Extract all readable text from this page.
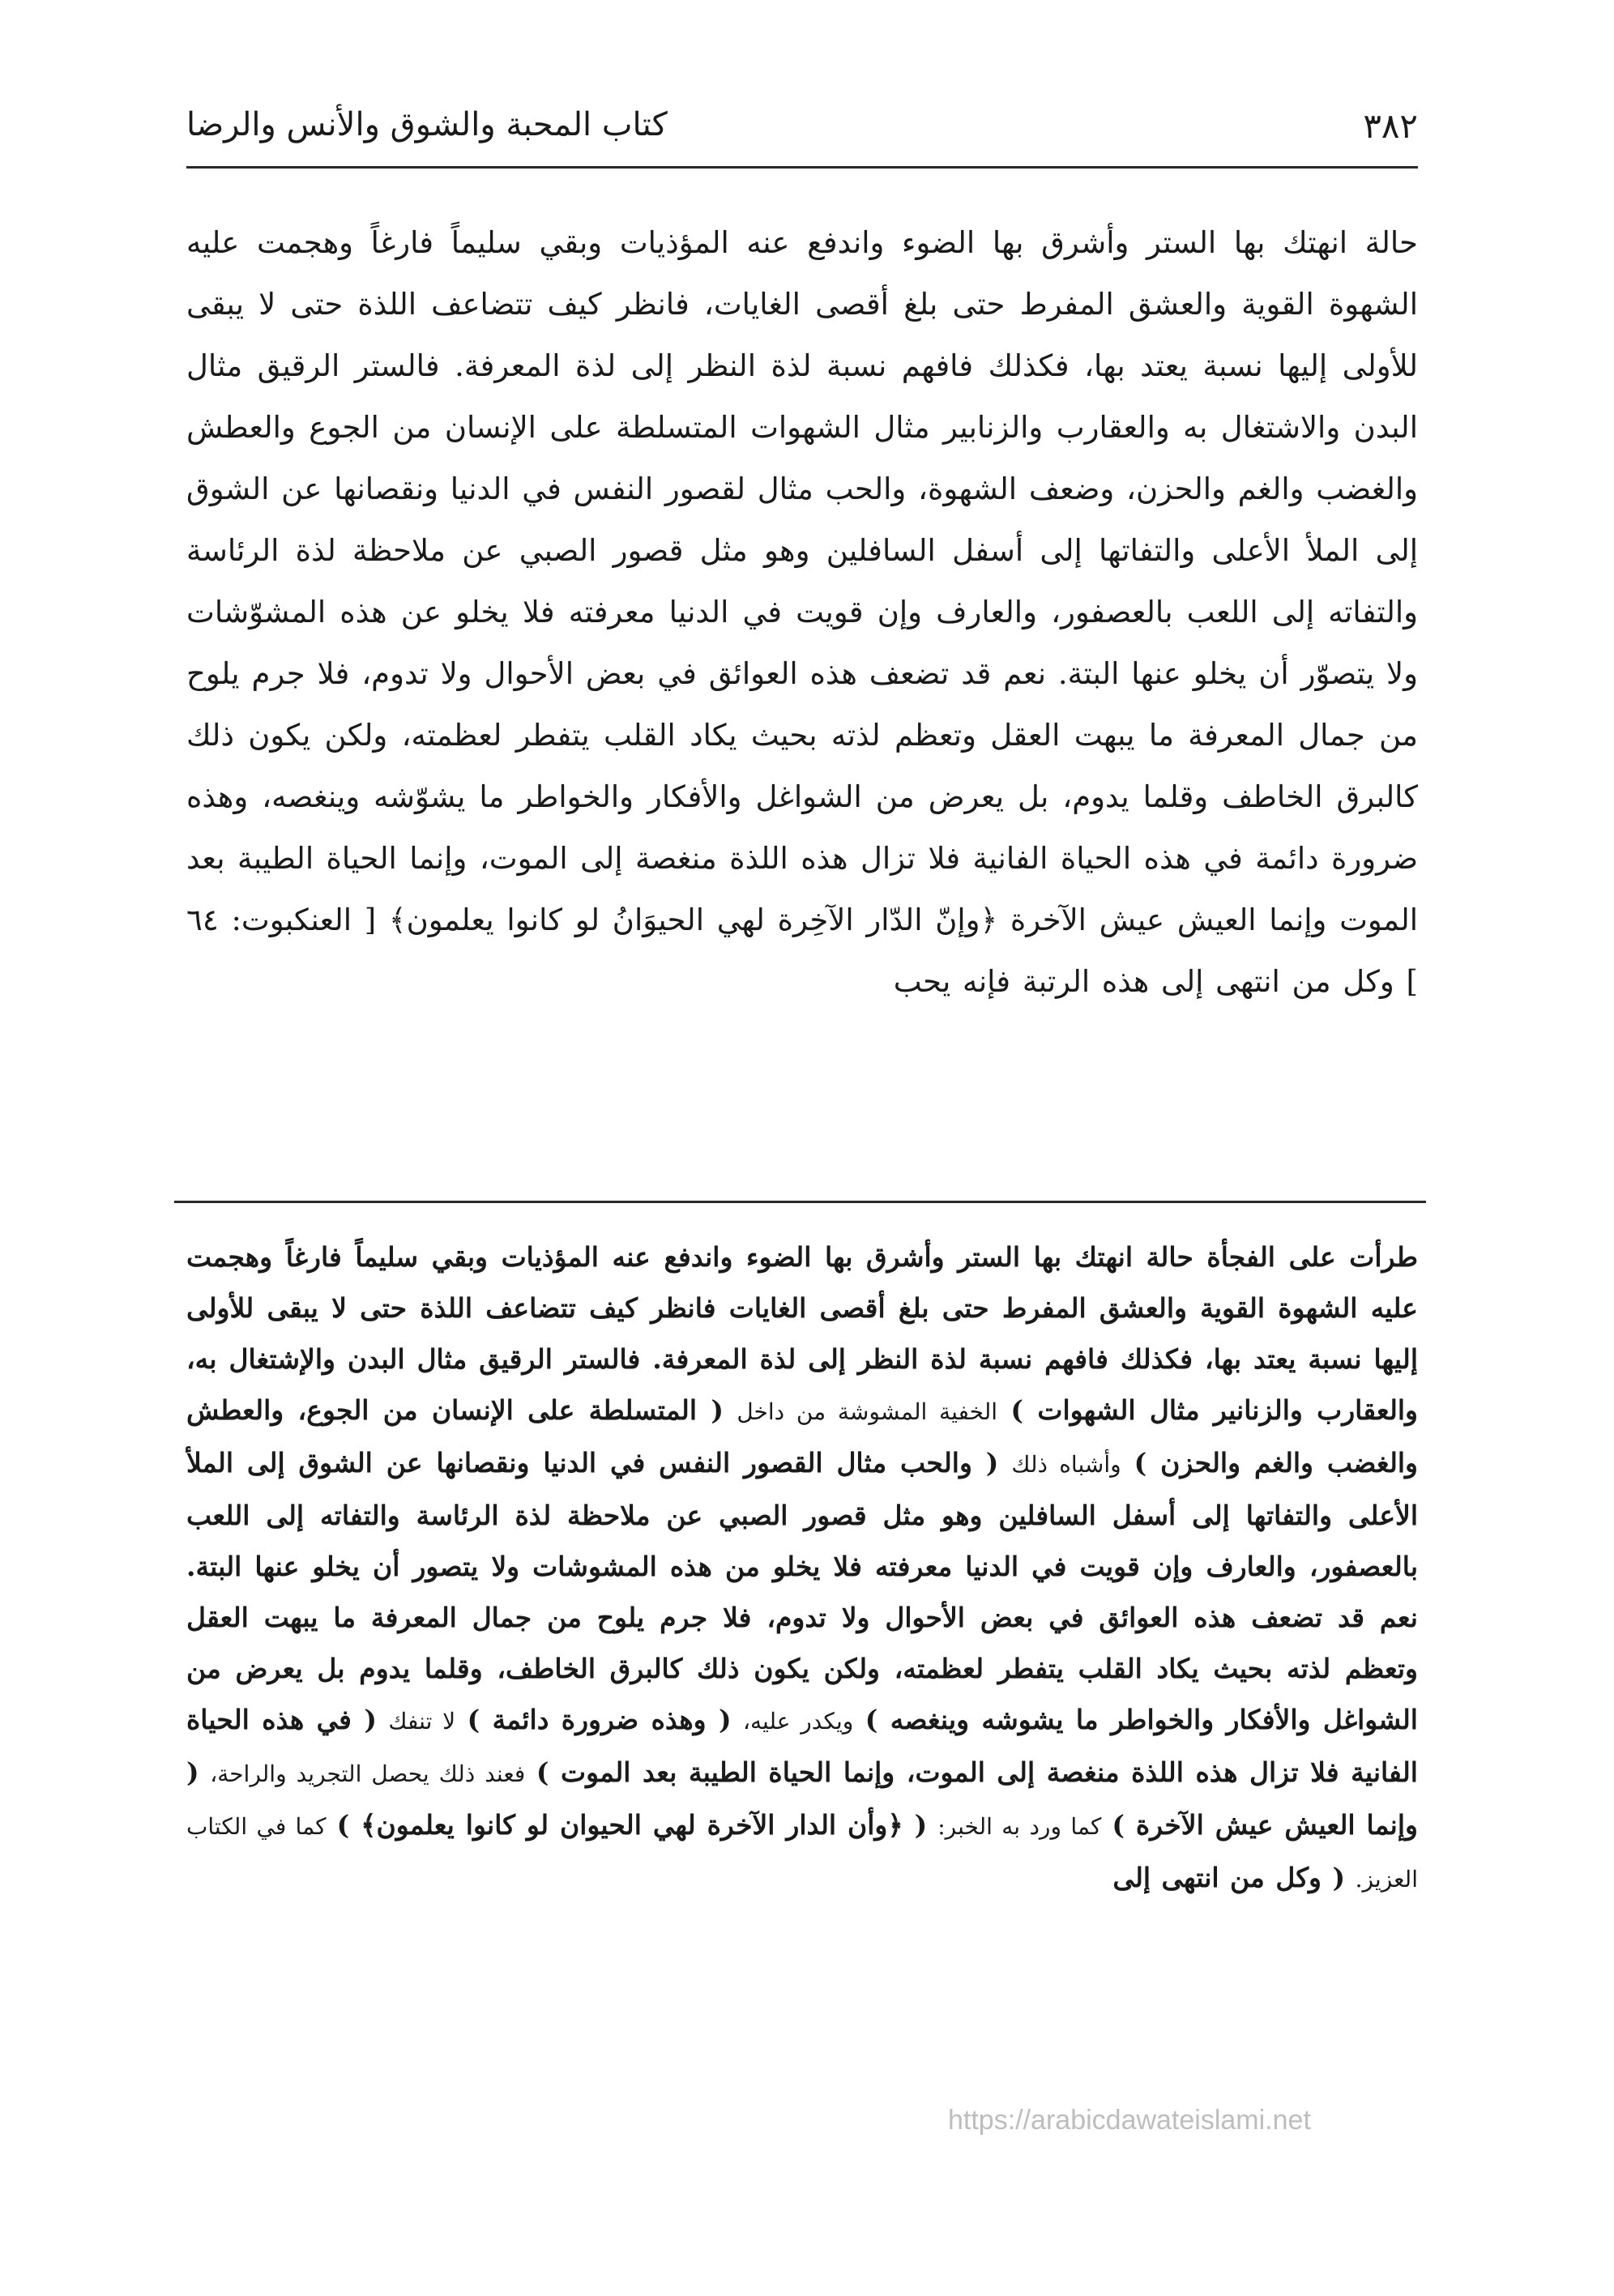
٣٨٢
كتاب المحبة والشوق والأنس والرضا

حالة انهتك بها الستر وأشرق بها الضوء واندفع عنه المؤذيات وبقي سليماً فارغاً وهجمت عليه الشهوة القوية والعشق المفرط حتى بلغ أقصى الغايات، فانظر كيف تتضاعف اللذة حتى لا يبقى للأولى إليها نسبة يعتد بها، فكذلك فافهم نسبة لذة النظر إلى لذة المعرفة. فالستر الرقيق مثال البدن والاشتغال به والعقارب والزنابير مثال الشهوات المتسلطة على الإنسان من الجوع والعطش والغضب والغم والحزن، وضعف الشهوة، والحب مثال لقصور النفس في الدنيا ونقصانها عن الشوق إلى الملأ الأعلى والتفاتها إلى أسفل السافلين وهو مثل قصور الصبي عن ملاحظة لذة الرئاسة والتفاته إلى اللعب بالعصفور، والعارف وإن قويت في الدنيا معرفته فلا يخلو عن هذه المشوّشات ولا يتصوّر أن يخلو عنها البتة. نعم قد تضعف هذه العوائق في بعض الأحوال ولا تدوم، فلا جرم يلوح من جمال المعرفة ما يبهت العقل وتعظم لذته بحيث يكاد القلب يتفطر لعظمته، ولكن يكون ذلك كالبرق الخاطف وقلما يدوم، بل يعرض من الشواغل والأفكار والخواطر ما يشوّشه وينغصه، وهذه ضرورة دائمة في هذه الحياة الفانية فلا تزال هذه اللذة منغصة إلى الموت، وإنما الحياة الطيبة بعد الموت وإنما العيش عيش الآخرة ﴿وإنّ الدّار الآخِرة لهي الحيوَانُ لو كانوا يعلمون﴾ [ العنكبوت: ٦٤ ] وكل من انتهى إلى هذه الرتبة فإنه يحب

طرأت على الفجأة حالة انهتك بها الستر وأشرق بها الضوء واندفع عنه المؤذيات وبقي سليماً فارغاً وهجمت عليه الشهوة القوية والعشق المفرط حتى بلغ أقصى الغايات فانظر كيف تتضاعف اللذة حتى لا يبقى للأولى إليها نسبة يعتد بها، فكذلك فافهم نسبة لذة النظر إلى لذة المعرفة. فالستر الرقيق مثال البدن والإشتغال به، والعقارب والزنانير مثال الشهوات ) الخفية المشوشة من داخل ( المتسلطة على الإنسان من الجوع، والعطش والغضب والغم والحزن ) وأشباه ذلك ( والحب مثال القصور النفس في الدنيا ونقصانها عن الشوق إلى الملأ الأعلى والتفاتها إلى أسفل السافلين وهو مثل قصور الصبي عن ملاحظة لذة الرئاسة والتفاته إلى اللعب بالعصفور، والعارف وإن قويت في الدنيا معرفته فلا يخلو من هذه المشوشات ولا يتصور أن يخلو عنها البتة. نعم قد تضعف هذه العوائق في بعض الأحوال ولا تدوم، فلا جرم يلوح من جمال المعرفة ما يبهت العقل وتعظم لذته بحيث يكاد القلب يتفطر لعظمته، ولكن يكون ذلك كالبرق الخاطف، وقلما يدوم بل يعرض من الشواغل والأفكار والخواطر ما يشوشه وينغصه ) ويكدر عليه، ( وهذه ضرورة دائمة ) لا تنفك ( في هذه الحياة الفانية فلا تزال هذه اللذة منغصة إلى الموت، وإنما الحياة الطيبة بعد الموت ) فعند ذلك يحصل التجريد والراحة، ( وإنما العيش عيش الآخرة ) كما ورد به الخبر: ( ﴿وأن الدار الآخرة لهي الحيوان لو كانوا يعلمون﴾ ) كما في الكتاب العزيز. ( وكل من انتهى إلى

https://arabicdawateislami.net
